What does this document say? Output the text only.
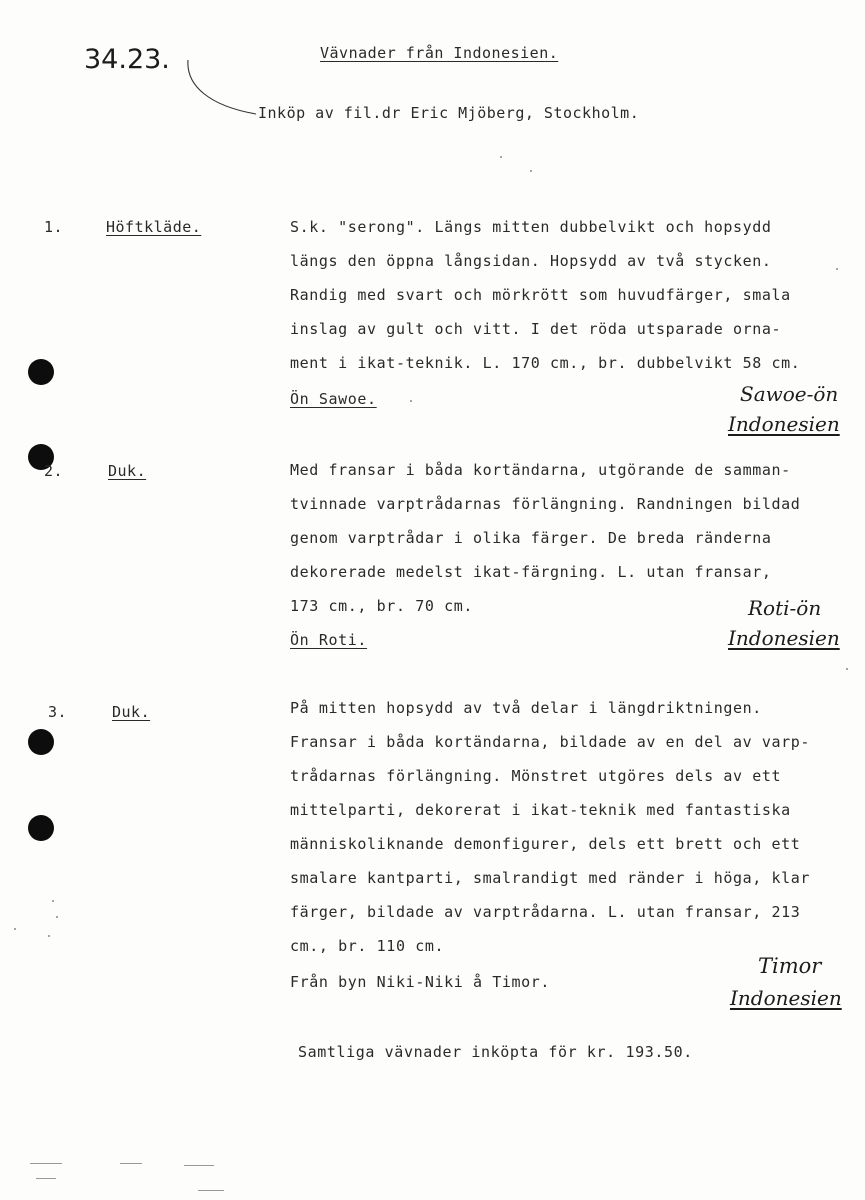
34.23.	Vävnader från Indonesien.
Inköp av fil.dr Eric Mjöberg, Stockholm.
1.	Höftkläde.	S.k. "serong". Längs mitten dubbelvikt och hopsydd
längs den öppna långsidan. Hopsydd av två stycken.
Randig med svart och mörkrött som huvudfärger, smala
inslag av gult och vitt. I det röda utsparade orna-
ment i ikat-teknik. L. 170 cm., br. dubbelvikt 58 cm.
Ön Sawoe.	Sawoe-ön
Indonesien
2.	Duk.	Med fransar i båda kortändarna, utgörande de samman-
tvinnade varptrådarnas förlängning. Randningen bildad
genom varptrådar i olika färger. De breda ränderna
dekorerade medelst ikat-färgning. L. utan fransar,
173 cm., br. 70 cm.
Ön Roti.
Roti-ön
Indonesien
3.	Duk.	På mitten hopsydd av två delar i längdriktningen.
Fransar i båda kortändarna, bildade av en del av varp-
trådarnas förlängning. Mönstret utgöres dels av ett
mittelparti, dekorerat i ikat-teknik med fantastiska
människoliknande demonfigurer, dels ett brett och ett
smalare kantparti, smalrandigt med ränder i höga, klar
färger, bildade av varptrådarna. L. utan fransar, 213
cm., br. 110 cm.
Från byn Niki-Niki å Timor.
Timor
Indonesien
Samtliga vävnader inköpta för kr. 193.50.
